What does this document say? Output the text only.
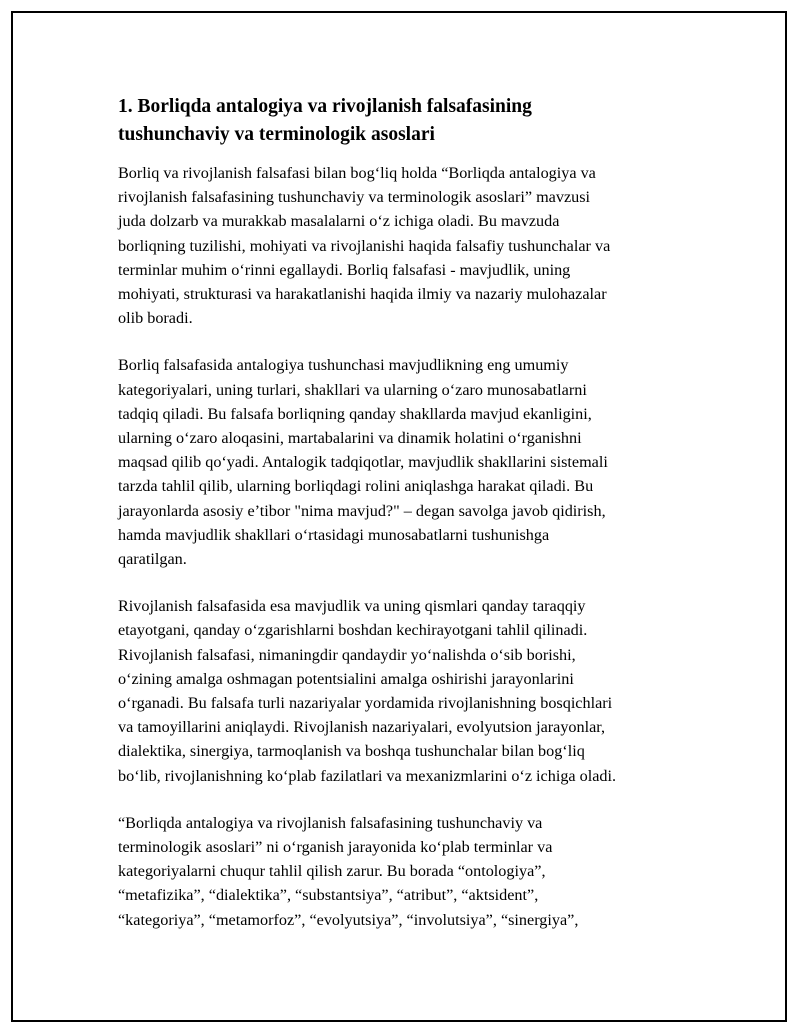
1. Borliqda antalogiya va rivojlanish falsafasining
tushunchaviy va terminologik asoslari

Borliq va rivojlanish falsafasi bilan bog‘liq holda “Borliqda antalogiya va
rivojlanish falsafasining tushunchaviy va terminologik asoslari” mavzusi
juda dolzarb va murakkab masalalarni o‘z ichiga oladi. Bu mavzuda
borliqning tuzilishi, mohiyati va rivojlanishi haqida falsafiy tushunchalar va
terminlar muhim o‘rinni egallaydi. Borliq falsafasi - mavjudlik, uning
mohiyati, strukturasi va harakatlanishi haqida ilmiy va nazariy mulohazalar
olib boradi.

Borliq falsafasida antalogiya tushunchasi mavjudlikning eng umumiy
kategoriyalari, uning turlari, shakllari va ularning o‘zaro munosabatlarni
tadqiq qiladi. Bu falsafa borliqning qanday shakllarda mavjud ekanligini,
ularning o‘zaro aloqasini, martabalarini va dinamik holatini o‘rganishni
maqsad qilib qo‘yadi. Antalogik tadqiqotlar, mavjudlik shakllarini sistemali
tarzda tahlil qilib, ularning borliqdagi rolini aniqlashga harakat qiladi. Bu
jarayonlarda asosiy e’tibor "nima mavjud?" – degan savolga javob qidirish,
hamda mavjudlik shakllari o‘rtasidagi munosabatlarni tushunishga
qaratilgan.

Rivojlanish falsafasida esa mavjudlik va uning qismlari qanday taraqqiy
etayotgani, qanday o‘zgarishlarni boshdan kechirayotgani tahlil qilinadi.
Rivojlanish falsafasi, nimaningdir qandaydir yo‘nalishda o‘sib borishi,
o‘zining amalga oshmagan potentsialini amalga oshirishi jarayonlarini
o‘rganadi. Bu falsafa turli nazariyalar yordamida rivojlanishning bosqichlari
va tamoyillarini aniqlaydi. Rivojlanish nazariyalari, evolyutsion jarayonlar,
dialektika, sinergiya, tarmoqlanish va boshqa tushunchalar bilan bog‘liq
bo‘lib, rivojlanishning ko‘plab fazilatlari va mexanizmlarini o‘z ichiga oladi.

“Borliqda antalogiya va rivojlanish falsafasining tushunchaviy va
terminologik asoslari” ni o‘rganish jarayonida ko‘plab terminlar va
kategoriyalarni chuqur tahlil qilish zarur. Bu borada “ontologiya”,
“metafizika”, “dialektika”, “substantsiya”, “atribut”, “aktsident”,
“kategoriya”, “metamorfoz”, “evolyutsiya”, “involutsiya”, “sinergiya”,
